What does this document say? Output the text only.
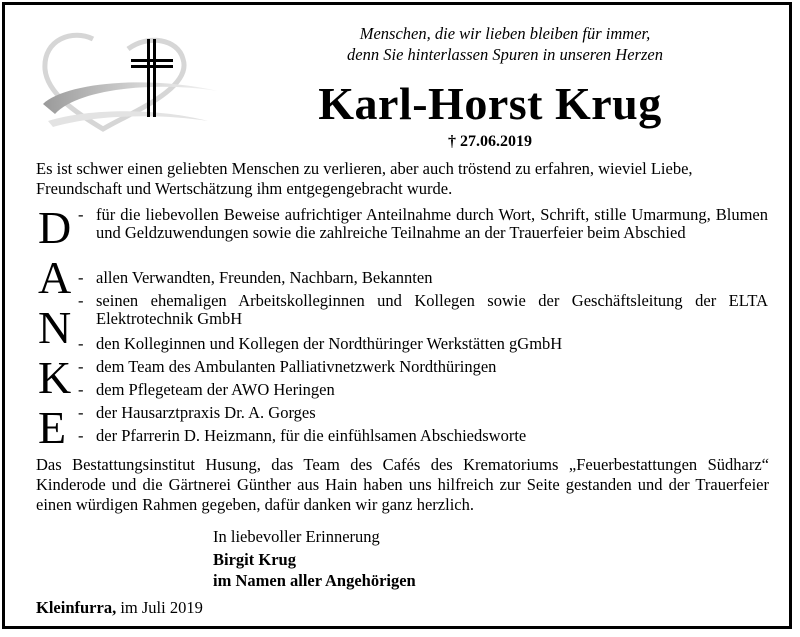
Menschen, die wir lieben bleiben für immer,
denn Sie hinterlassen Spuren in unseren Herzen
Karl-Horst Krug
† 27.06.2019
Es ist schwer einen geliebten Menschen zu verlieren, aber auch tröstend zu erfahren, wieviel Liebe, Freundschaft und Wertschätzung ihm entgegengebracht wurde.
D
A
N
K
E
- für die liebevollen Beweise aufrichtiger Anteilnahme durch Wort, Schrift, stille Umarmung, Blumen und Geldzuwendungen sowie die zahlreiche Teilnahme an der Trauerfeier beim Abschied
- allen Verwandten, Freunden, Nachbarn, Bekannten
- seinen ehemaligen Arbeitskolleginnen und Kollegen sowie der Geschäftsleitung der ELTA Elektrotechnik GmbH
- den Kolleginnen und Kollegen der Nordthüringer Werkstätten gGmbH
- dem Team des Ambulanten Palliativnetzwerk Nordthüringen
- dem Pflegeteam der AWO Heringen
- der Hausarztpraxis Dr. A. Gorges
- der Pfarrerin D. Heizmann, für die einfühlsamen Abschiedsworte
Das Bestattungsinstitut Husung, das Team des Cafés des Krematoriums „Feuerbestattungen Südharz“ Kinderode und die Gärtnerei Günther aus Hain haben uns hilfreich zur Seite gestanden und der Trauerfeier einen würdigen Rahmen gegeben, dafür danken wir ganz herzlich.
In liebevoller Erinnerung
Birgit Krug
im Namen aller Angehörigen
Kleinfurra, im Juli 2019
